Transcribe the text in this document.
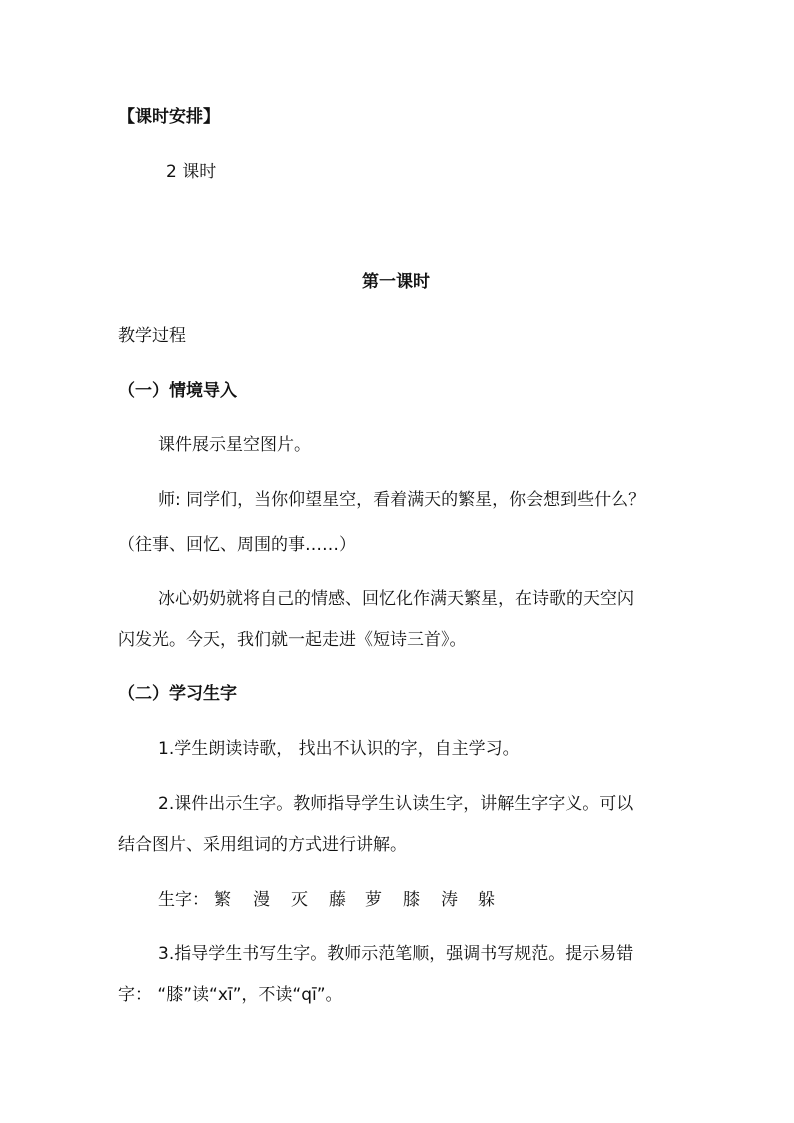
【课时安排】

2 课时

第一课时

教学过程

（一）情境导入

课件展示星空图片。

师: 同学们，当你仰望星空，看着满天的繁星，你会想到些什么？

（往事、回忆、周围的事……）

冰心奶奶就将自己的情感、回忆化作满天繁星，在诗歌的天空闪

闪发光。今天，我们就一起走进《短诗三首》。

（二）学习生字

1.学生朗读诗歌， 找出不认识的字，自主学习。

2.课件出示生字。教师指导学生认读生字，讲解生字字义。可以

结合图片、采用组词的方式进行讲解。

生字： 繁 漫 灭 藤 萝 膝 涛 躲

3.指导学生书写生字。教师示范笔顺，强调书写规范。提示易错

字： “膝”读“xī”，不读“qī”。
